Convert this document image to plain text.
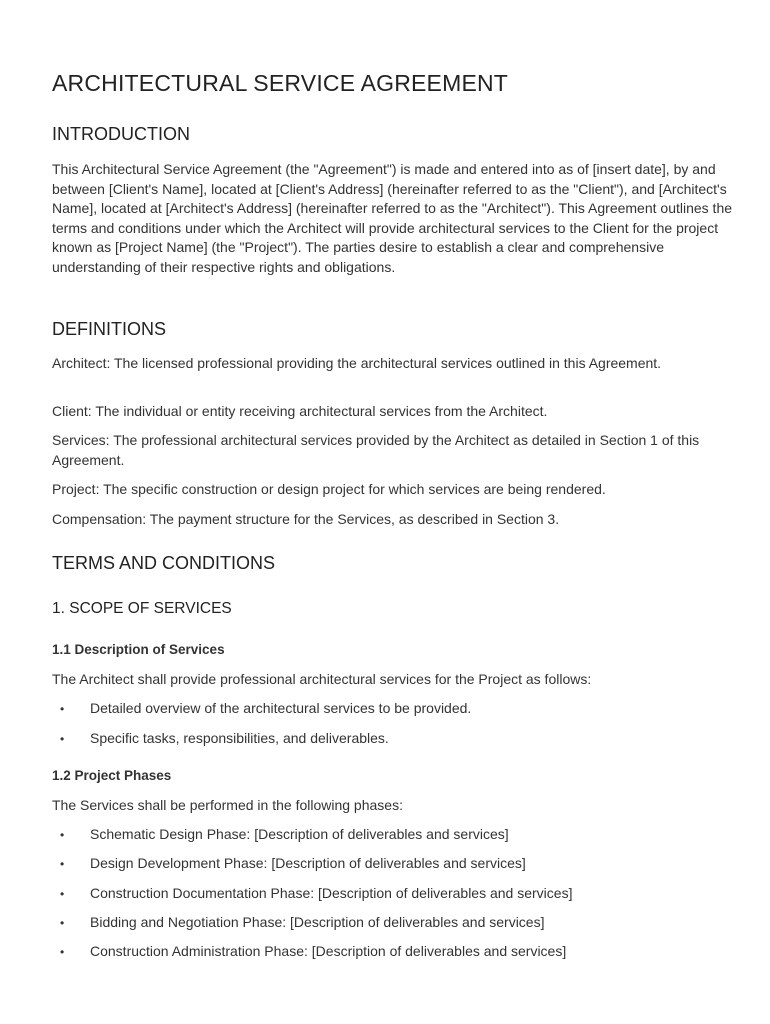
ARCHITECTURAL SERVICE AGREEMENT
INTRODUCTION

This Architectural Service Agreement (the "Agreement") is made and entered into as of [insert date], by and between [Client's Name], located at [Client's Address] (hereinafter referred to as the "Client"), and [Architect's Name], located at [Architect's Address] (hereinafter referred to as the "Architect"). This Agreement outlines the terms and conditions under which the Architect will provide architectural services to the Client for the project known as [Project Name] (the "Project"). The parties desire to establish a clear and comprehensive understanding of their respective rights and obligations.

DEFINITIONS

Architect: The licensed professional providing the architectural services outlined in this Agreement.

Client: The individual or entity receiving architectural services from the Architect.

Services: The professional architectural services provided by the Architect as detailed in Section 1 of this Agreement.

Project: The specific construction or design project for which services are being rendered.

Compensation: The payment structure for the Services, as described in Section 3.

TERMS AND CONDITIONS
1. SCOPE OF SERVICES
1.1 Description of Services

The Architect shall provide professional architectural services for the Project as follows:

• Detailed overview of the architectural services to be provided.
• Specific tasks, responsibilities, and deliverables.
1.2 Project Phases

The Services shall be performed in the following phases:

• Schematic Design Phase: [Description of deliverables and services]
• Design Development Phase: [Description of deliverables and services]
• Construction Documentation Phase: [Description of deliverables and services]
• Bidding and Negotiation Phase: [Description of deliverables and services]
• Construction Administration Phase: [Description of deliverables and services]
